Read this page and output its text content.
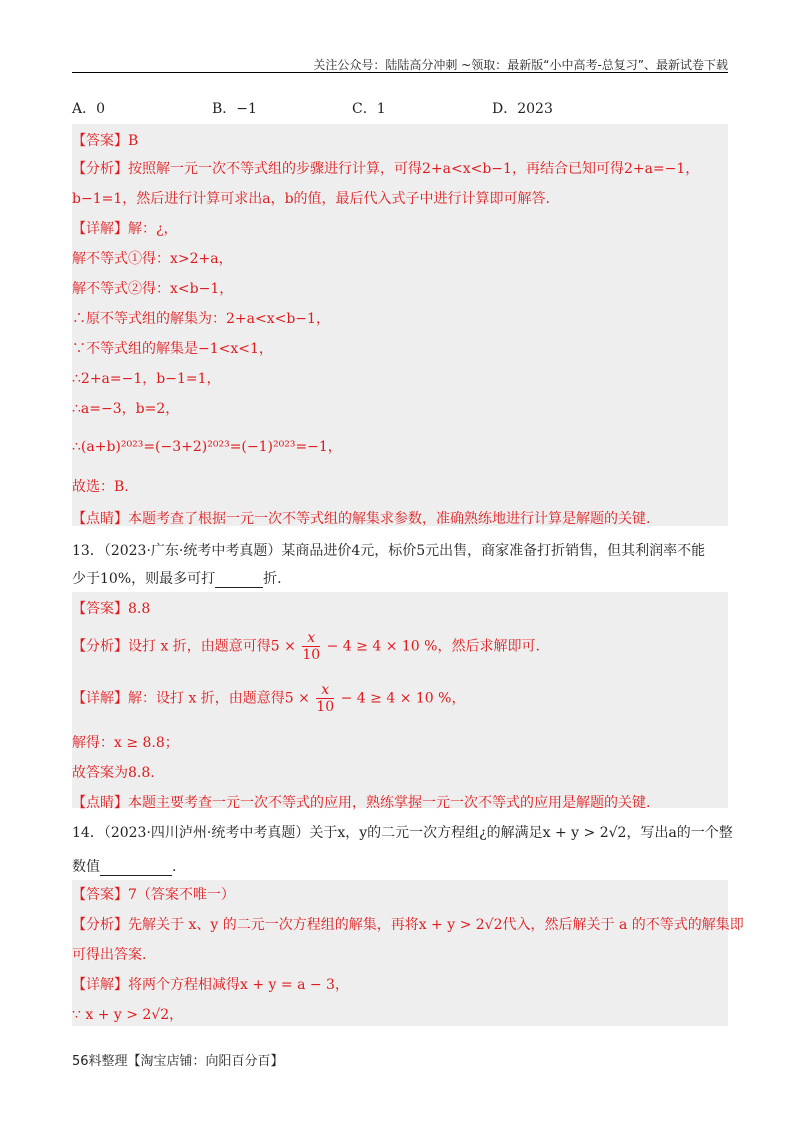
关注公众号：陆陆高分冲刺 ~领取：最新版“小中高考-总复习”、最新试卷下载
A．0	B．−1	C．1	D．2023
【答案】B
【分析】按照解一元一次不等式组的步骤进行计算，可得2+a<x<b−1，再结合已知可得2+a=−1，
b−1=1，然后进行计算可求出a，b的值，最后代入式子中进行计算即可解答.
【详解】解：¿，
解不等式①得：x>2+a，
解不等式②得：x<b−1，
∴原不等式组的解集为：2+a<x<b−1，
∵不等式组的解集是−1<x<1，
∴2+a=−1，b−1=1，
∴a=−3，b=2，
∴(a+b)²⁰²³=(−3+2)²⁰²³=(−1)²⁰²³=−1，
故选：B.
【点睛】本题考查了根据一元一次不等式组的解集求参数，准确熟练地进行计算是解题的关键.
13．（2023·广东·统考中考真题）某商品进价4元，标价5元出售，商家准备打折销售，但其利润率不能
少于10%，则最多可打	折.
【答案】8.8
【分析】设打 x 折，由题意可得$5 \times \frac{x}{10} - 4 \ge 4 \times 10$ %，然后求解即可.
【详解】解：设打 x 折，由题意得$5 \times \frac{x}{10} - 4 \ge 4 \times 10$ %，
解得：x ≥ 8.8；
故答案为8.8.
【点睛】本题主要考查一元一次不等式的应用，熟练掌握一元一次不等式的应用是解题的关键.
14．（2023·四川泸州·统考中考真题）关于x，y的二元一次方程组¿的解满足x + y > 2√2，写出a的一个整
数值	.
【答案】7（答案不唯一）
【分析】先解关于 x、y 的二元一次方程组的解集，再将x + y > 2√2代入，然后解关于 a 的不等式的解集即
可得出答案.
【详解】将两个方程相减得x + y = a − 3，
∵ x + y > 2√2，
56料整理【淘宝店铺：向阳百分百】
